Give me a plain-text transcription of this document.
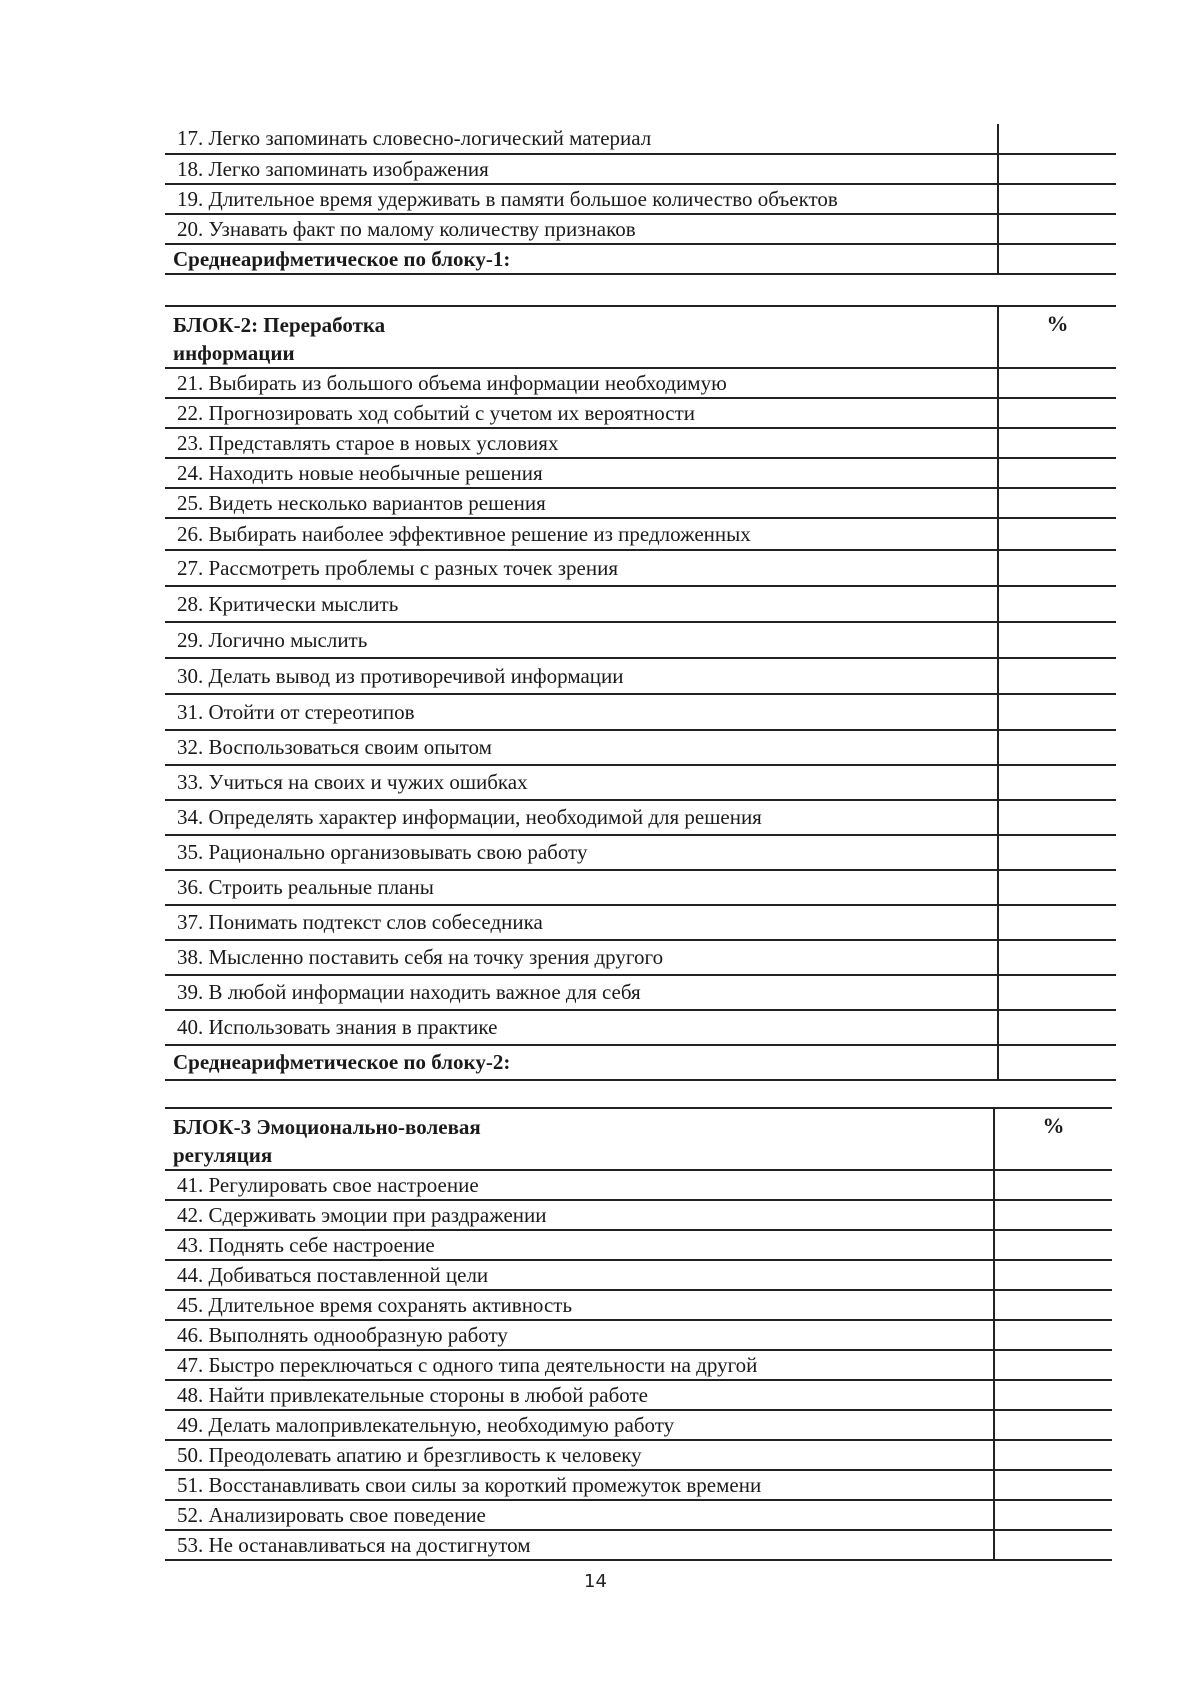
17. Легко запоминать словесно-логический материал	
18. Легко запоминать изображения	
19. Длительное время удерживать в памяти большое количество объектов	
20. Узнавать факт по малому количеству признаков	
Среднеарифметическое по блоку-1:	
БЛОК-2: Переработка
информации	%
21. Выбирать из большого объема информации необходимую	
22. Прогнозировать ход событий с учетом их вероятности	
23. Представлять старое в новых условиях	
24. Находить новые необычные решения	
25. Видеть несколько вариантов решения	
26. Выбирать наиболее эффективное решение из предложенных	
27. Рассмотреть проблемы с разных точек зрения	
28. Критически мыслить	
29. Логично мыслить	
30. Делать вывод из противоречивой информации	
31. Отойти от стереотипов	
32. Воспользоваться своим опытом	
33. Учиться на своих и чужих ошибках	
34. Определять характер информации, необходимой для решения	
35. Рационально организовывать свою работу	
36. Строить реальные планы	
37. Понимать подтекст слов собеседника	
38. Мысленно поставить себя на точку зрения другого	
39. В любой информации находить важное для себя	
40. Использовать знания в практике	
Среднеарифметическое по блоку-2:	
БЛОК-3 Эмоционально-волевая
регуляция	%
41. Регулировать свое настроение	
42. Сдерживать эмоции при раздражении	
43. Поднять себе настроение	
44. Добиваться поставленной цели	
45. Длительное время сохранять активность	
46. Выполнять однообразную работу	
47. Быстро переключаться с одного типа деятельности на другой	
48. Найти привлекательные стороны в любой работе	
49. Делать малопривлекательную, необходимую работу	
50. Преодолевать апатию и брезгливость к человеку	
51. Восстанавливать свои силы за короткий промежуток времени	
52. Анализировать свое поведение	
53. Не останавливаться на достигнутом	
14
